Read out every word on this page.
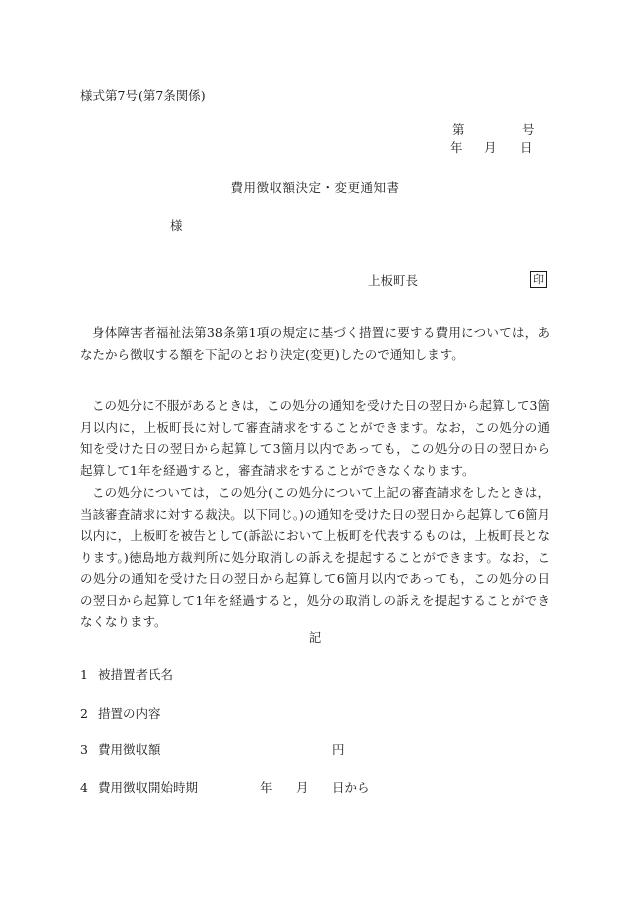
様式第7号(第7条関係)
第	号
年 月 日
費用徴収額決定・変更通知書
様
上板町長	印
身体障害者福祉法第38条第1項の規定に基づく措置に要する費用については，あなたから徴収する額を下記のとおり決定(変更)したので通知します。
この処分に不服があるときは，この処分の通知を受けた日の翌日から起算して3箇月以内に，上板町長に対して審査請求をすることができます。なお，この処分の通知を受けた日の翌日から起算して3箇月以内であっても，この処分の日の翌日から起算して1年を経過すると，審査請求をすることができなくなります。
この処分については，この処分(この処分について上記の審査請求をしたときは，当該審査請求に対する裁決。以下同じ。)の通知を受けた日の翌日から起算して6箇月以内に，上板町を被告として(訴訟において上板町を代表するものは，上板町長となります。)徳島地方裁判所に処分取消しの訴えを提起することができます。なお，この処分の通知を受けた日の翌日から起算して6箇月以内であっても，この処分の日の翌日から起算して1年を経過すると，処分の取消しの訴えを提起することができなくなります。
記
1 被措置者氏名
2 措置の内容
3 費用徴収額	円
4 費用徴収開始時期	年 月 日から
